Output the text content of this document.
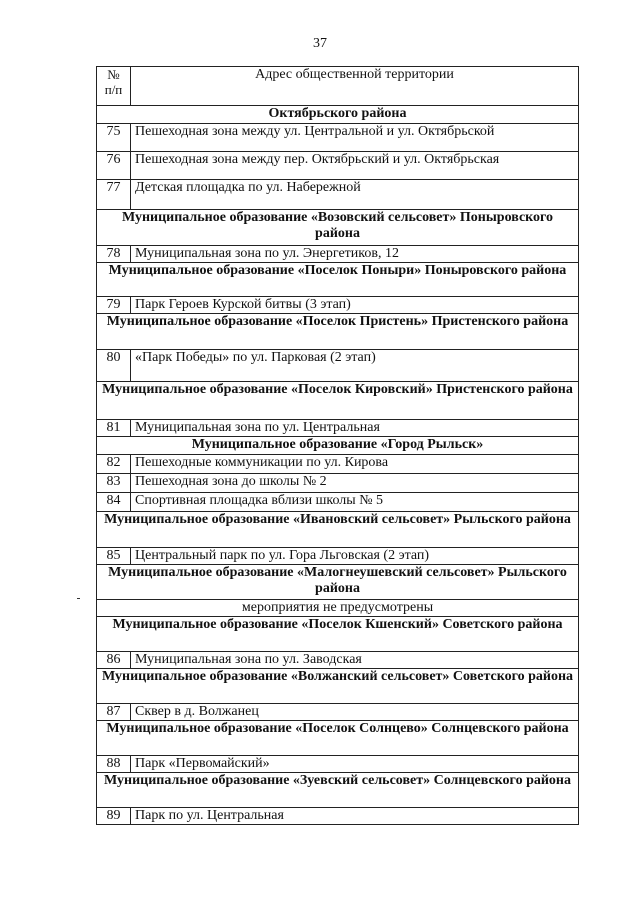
37
№
п/п	Адрес общественной территории
Октябрьского района	
75	Пешеходная зона между ул. Центральной и ул. Октябрьской
76	Пешеходная зона между пер. Октябрьский и ул. Октябрьская
77	Детская площадка по ул. Набережной
Муниципальное образование «Возовский сельсовет» Поныровского района	
78	Муниципальная зона по ул. Энергетиков, 12
Муниципальное образование «Поселок Поныри» Поныровского района	
79	Парк Героев Курской битвы (3 этап)
Муниципальное образование «Поселок Пристень» Пристенского района	
80	«Парк Победы» по ул. Парковая (2 этап)
Муниципальное образование «Поселок Кировский» Пристенского района	
81	Муниципальная зона по ул. Центральная
Муниципальное образование «Город Рыльск»	
82	Пешеходные коммуникации по ул. Кирова
83	Пешеходная зона до школы № 2
84	Спортивная площадка вблизи школы № 5
Муниципальное образование «Ивановский сельсовет» Рыльского района	
85	Центральный парк по ул. Гора Льговская (2 этап)
Муниципальное образование «Малогнеушевский сельсовет» Рыльского района	
мероприятия не предусмотрены	
Муниципальное образование «Поселок Кшенский» Советского района	
86	Муниципальная зона по ул. Заводская
Муниципальное образование «Волжанский сельсовет» Советского района	
87	Сквер в д. Волжанец
Муниципальное образование «Поселок Солнцево» Солнцевского района	
88	Парк «Первомайский»
Муниципальное образование «Зуевский сельсовет» Солнцевского района	
89	Парк по ул. Центральная
